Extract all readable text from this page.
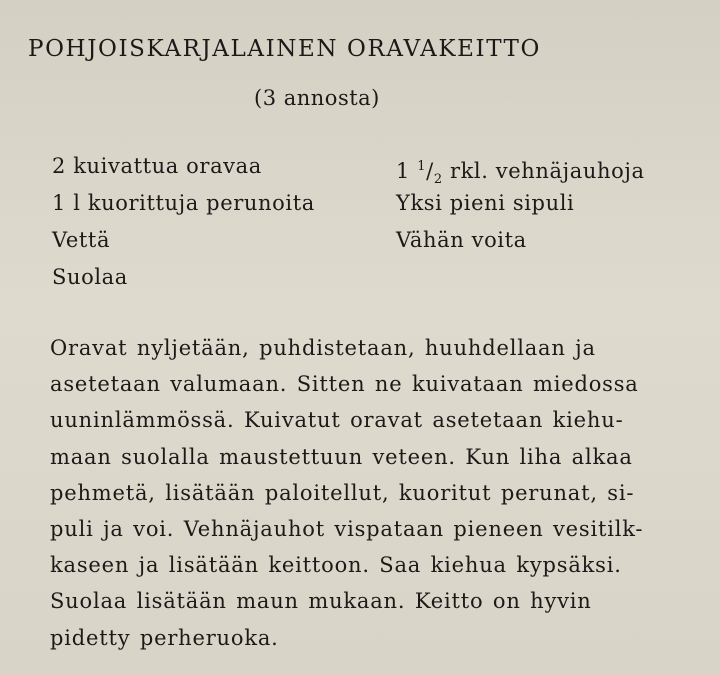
POHJOISKARJALAINEN ORAVAKEITTO
(3 annosta)
2 kuivattua oravaa
1 l kuorittuja perunoita
Vettä
Suolaa
1 $^1/_2$ rkl. vehnäjauhoja
Yksi pieni sipuli
Vähän voita
Oravat nyljetään, puhdistetaan, huuhdellaan ja
asetetaan valumaan. Sitten ne kuivataan miedossa
uuninlämmössä. Kuivatut oravat asetetaan kiehu-
maan suolalla maustettuun veteen. Kun liha alkaa
pehmetä, lisätään paloitellut, kuoritut perunat, si-
puli ja voi. Vehnäjauhot vispataan pieneen vesitilk-
kaseen ja lisätään keittoon. Saa kiehua kypsäksi.
Suolaa lisätään maun mukaan. Keitto on hyvin
pidetty perheruoka.
